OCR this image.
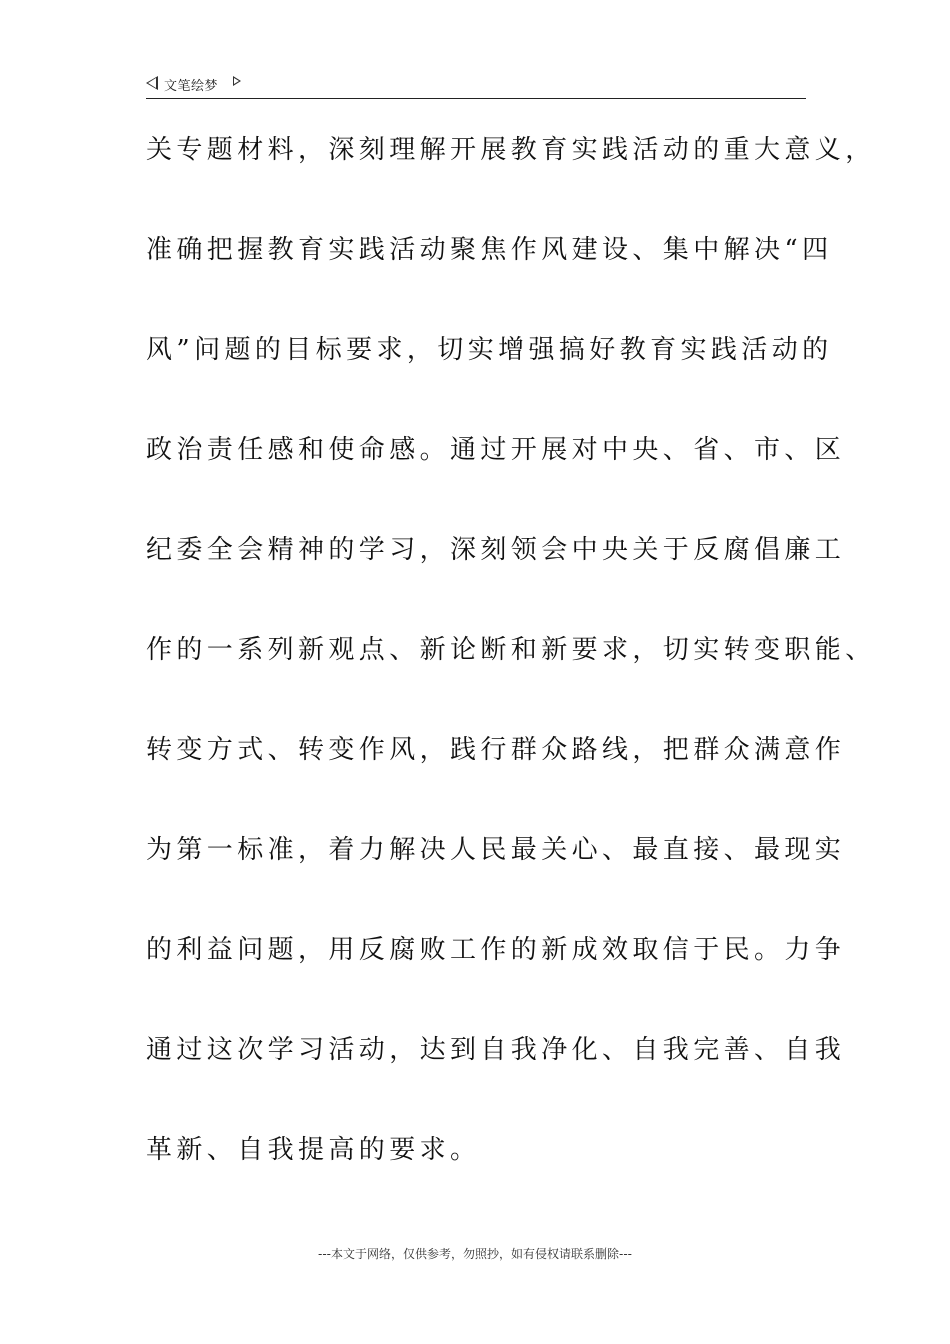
文笔绘梦
关专题材料，深刻理解开展教育实践活动的重大意义，
准确把握教育实践活动聚焦作风建设、集中解决“四
风”问题的目标要求，切实增强搞好教育实践活动的
政治责任感和使命感。通过开展对中央、省、市、区
纪委全会精神的学习，深刻领会中央关于反腐倡廉工
作的一系列新观点、新论断和新要求，切实转变职能、
转变方式、转变作风，践行群众路线，把群众满意作
为第一标准，着力解决人民最关心、最直接、最现实
的利益问题，用反腐败工作的新成效取信于民。力争
通过这次学习活动，达到自我净化、自我完善、自我
革新、自我提高的要求。
---本文于网络，仅供参考，勿照抄，如有侵权请联系删除---
